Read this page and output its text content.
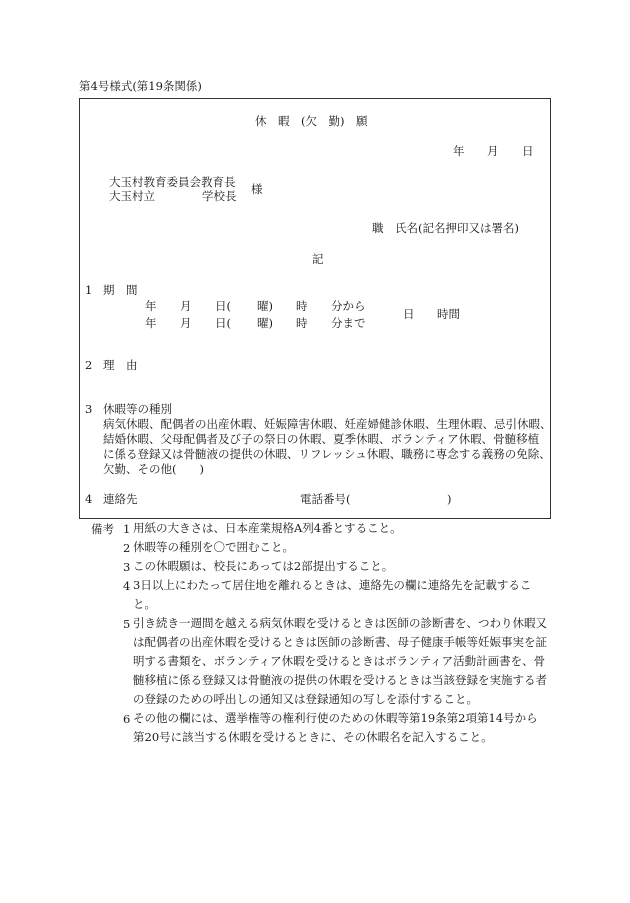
第4号様式(第19条関係)
休　暇　(欠　勤)　願
年 月 日
大玉村教育委員会教育長
大玉村立	学校長 様
職　氏名(記名押印又は署名)
記
1 期　間
年 月 日( 曜) 時 分から
年 月 日( 曜) 時 分まで
日 時間
2 理　由
3 休暇等の種別
病気休暇、配偶者の出産休暇、妊娠障害休暇、妊産婦健診休暇、生理休暇、忌引休暇、
結婚休暇、父母配偶者及び子の祭日の休暇、夏季休暇、ボランティア休暇、骨髄移植
に係る登録又は骨髄液の提供の休暇、リフレッシュ休暇、職務に専念する義務の免除、
欠勤、その他(　　)
4 連絡先	電話番号(	)
備考 1 用紙の大きさは、日本産業規格A列4番とすること。
2 休暇等の種別を〇で囲むこと。
3 この休暇願は、校長にあっては2部提出すること。
4 3日以上にわたって居住地を離れるときは、連絡先の欄に連絡先を記載すること。
5 引き続き一週間を越える病気休暇を受けるときは医師の診断書を、つわり休暇又は配偶者の出産休暇を受けるときは医師の診断書、母子健康手帳等妊娠事実を証明する書類を、ボランティア休暇を受けるときはボランティア活動計画書を、骨髄移植に係る登録又は骨髄液の提供の休暇を受けるときは当該登録を実施する者の登録のための呼出しの通知又は登録通知の写しを添付すること。
6 その他の欄には、選挙権等の権利行使のための休暇等第19条第2項第14号から第20号に該当する休暇を受けるときに、その休暇名を記入すること。
